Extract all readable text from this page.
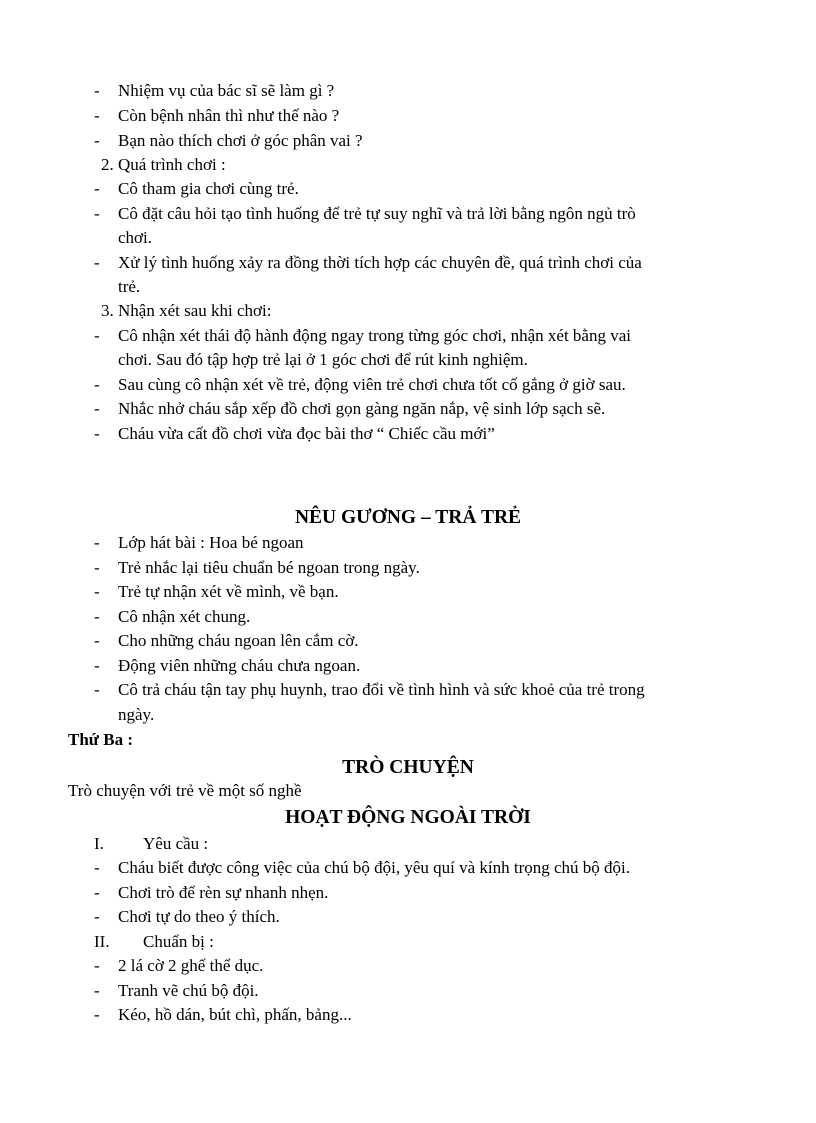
- Nhiệm vụ của bác sĩ sẽ làm gì ?
- Còn bệnh nhân thì như thế nào ?
- Bạn nào thích chơi ở góc phân vai ?
2. Quá trình chơi :
- Cô tham gia chơi cùng trẻ.
- Cô đặt câu hỏi tạo tình huống để trẻ tự suy nghĩ và trả lời bằng ngôn ngủ trò
chơi.
- Xử lý tình huống xảy ra đồng thời tích hợp các chuyên đề, quá trình chơi của
trẻ.
3. Nhận xét sau khi chơi:
- Cô nhận xét thái độ hành động ngay trong từng góc chơi, nhận xét bằng vai
chơi. Sau đó tập hợp trẻ lại ở 1 góc chơi để rút kinh nghiệm.
- Sau cùng cô nhận xét về trẻ, động viên trẻ chơi chưa tốt cố gắng ở giờ sau.
- Nhắc nhở cháu sắp xếp đồ chơi gọn gàng ngăn nắp, vệ sinh lớp sạch sẽ.
- Cháu vừa cất đồ chơi vừa đọc bài thơ “ Chiếc cầu mới”
NÊU GƯƠNG – TRẢ TRẺ
- Lớp hát bài : Hoa bé ngoan
- Trẻ nhắc lại tiêu chuẩn bé ngoan trong ngày.
- Trẻ tự nhận xét về mình, về bạn.
- Cô nhận xét chung.
- Cho những cháu ngoan lên cắm cờ.
- Động viên những cháu chưa ngoan.
- Cô trả cháu tận tay phụ huynh, trao đổi về tình hình và sức khoẻ của trẻ trong
ngày.
Thứ Ba :
TRÒ CHUYỆN
Trò chuyện với trẻ về một số nghề
HOẠT ĐỘNG NGOÀI TRỜI
I. Yêu cầu :
- Cháu biết được công việc của chú bộ đội, yêu quí và kính trọng chú bộ đội.
- Chơi trò để rèn sự nhanh nhẹn.
- Chơi tự do theo ý thích.
II. Chuẩn bị :
- 2 lá cờ 2 ghế thể dục.
- Tranh vẽ chú bộ đội.
- Kéo, hồ dán, bút chì, phấn, bảng...
